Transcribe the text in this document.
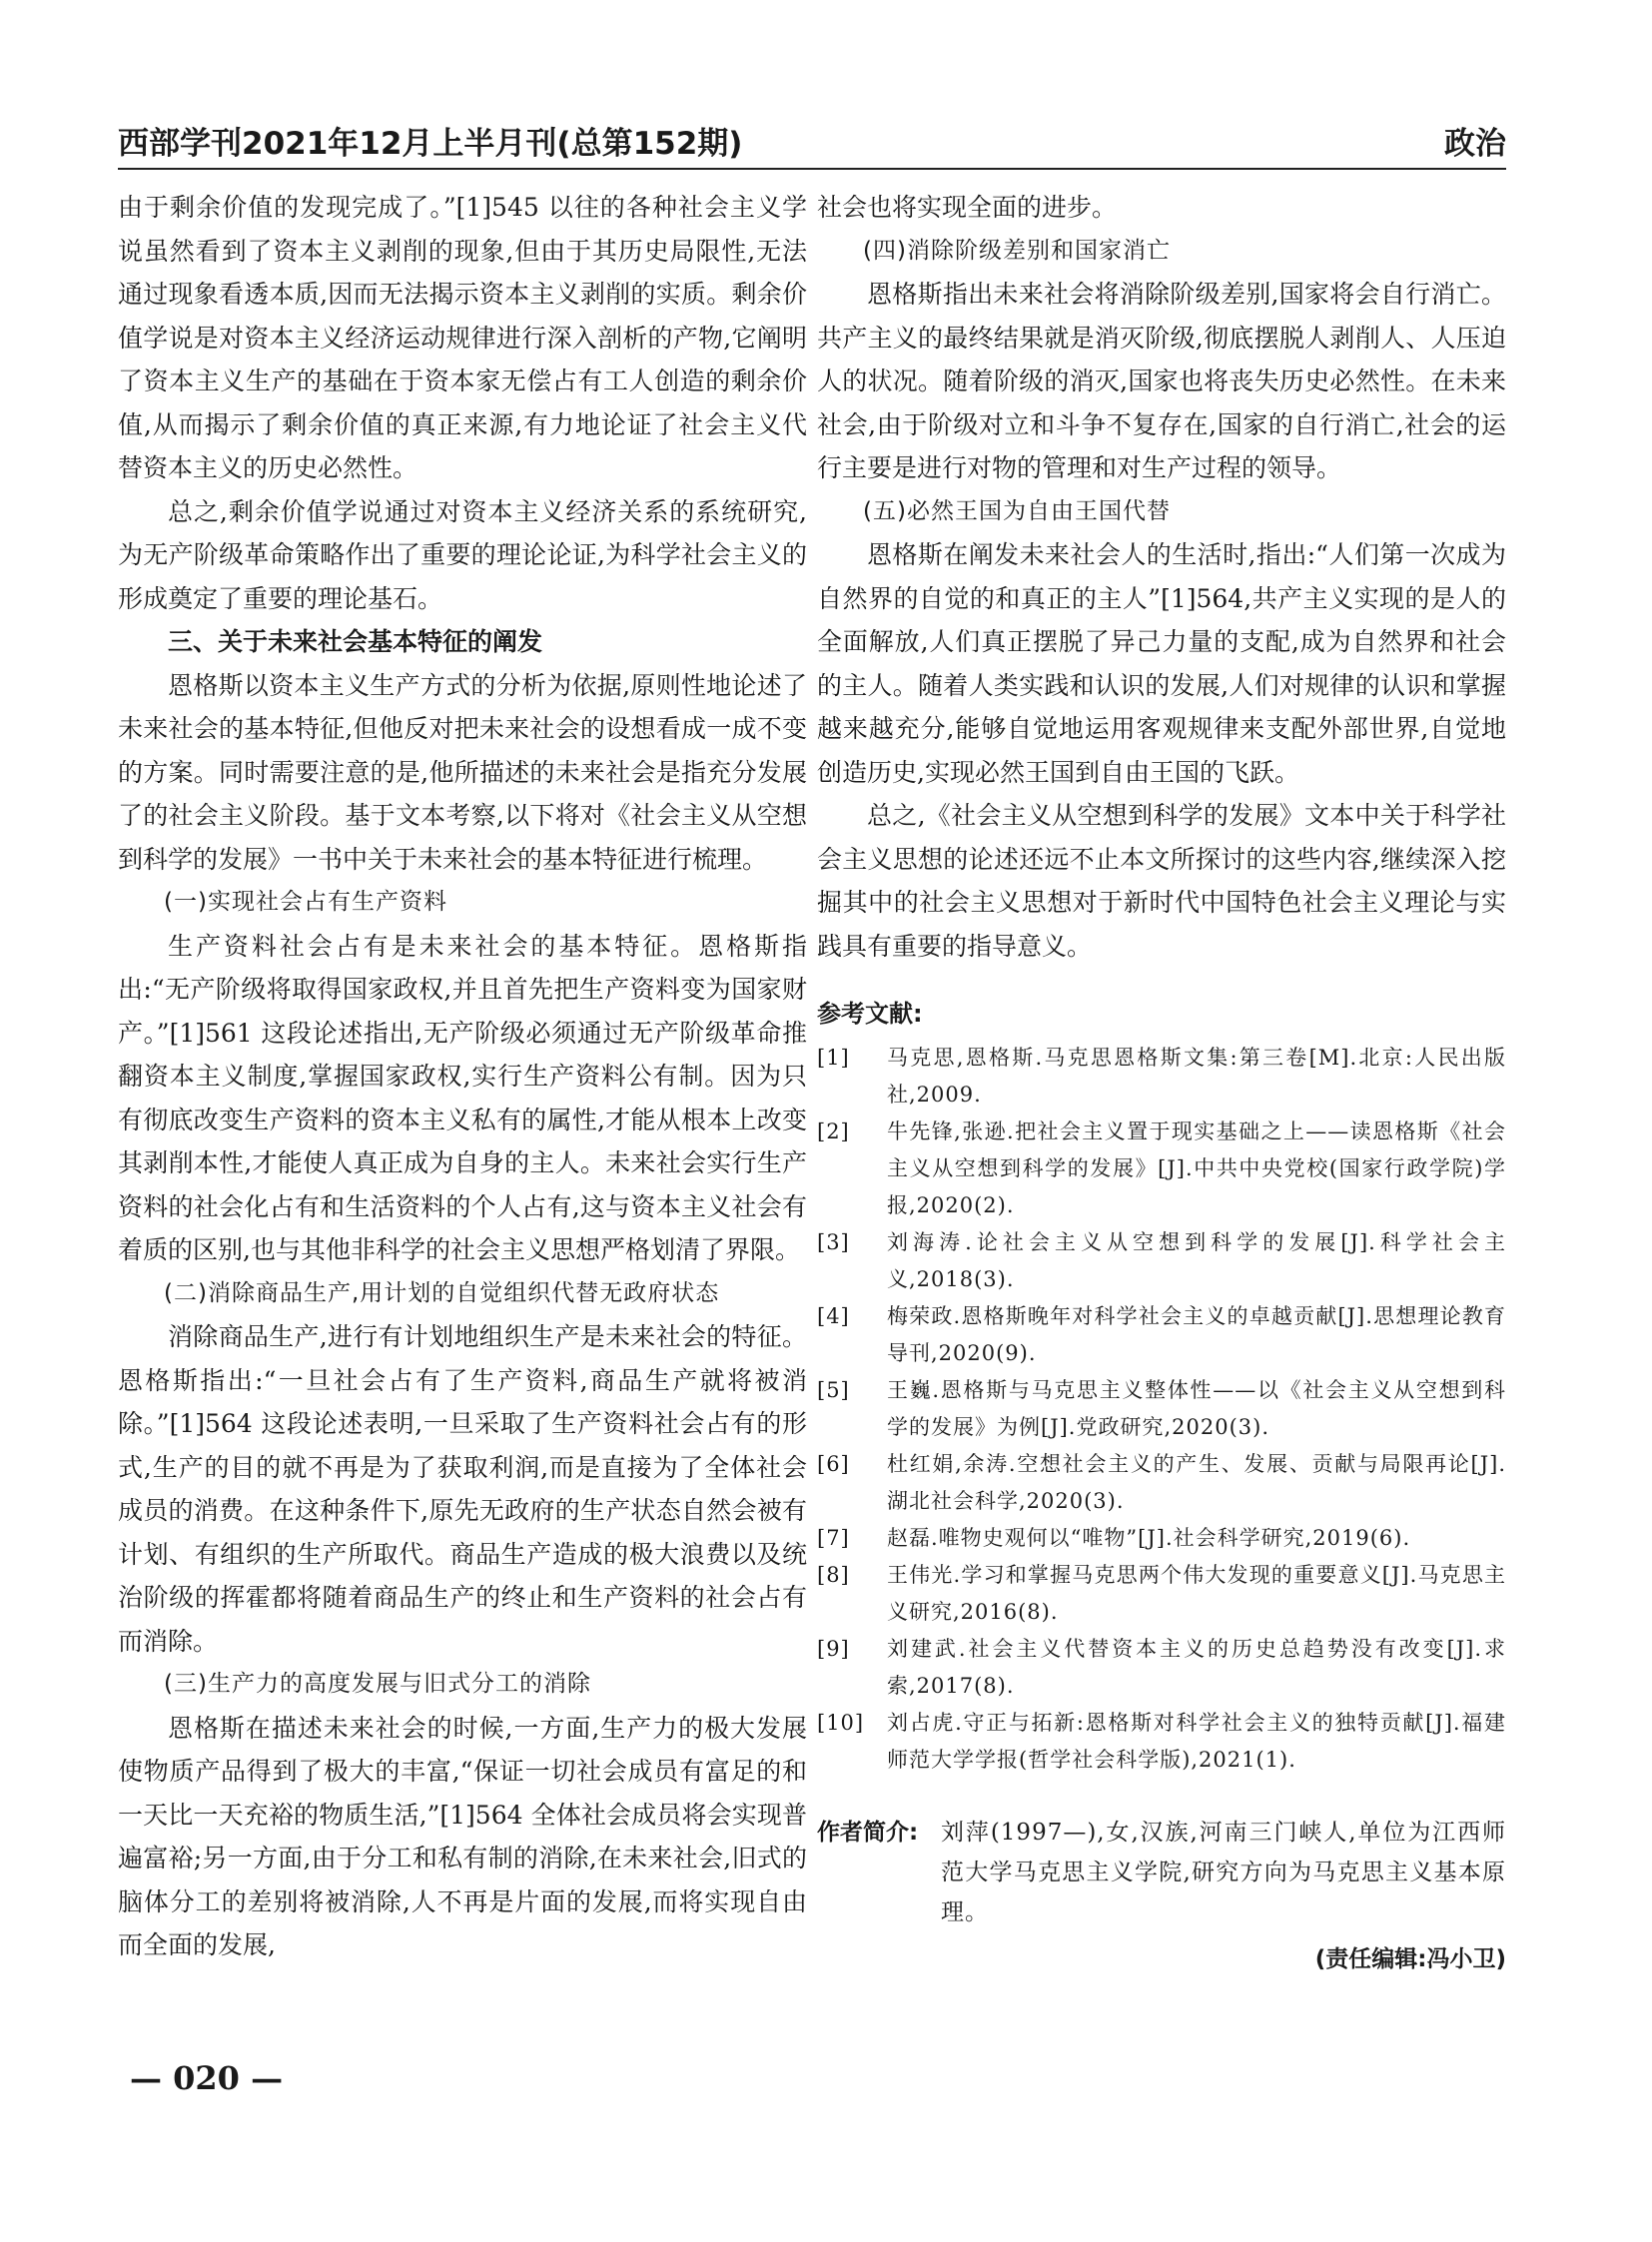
西部学刊2021年12月上半月刊(总第152期)	政治

由于剩余价值的发现完成了。”[1]545 以往的各种社会主义学说虽然看到了资本主义剥削的现象,但由于其历史局限性,无法通过现象看透本质,因而无法揭示资本主义剥削的实质。剩余价值学说是对资本主义经济运动规律进行深入剖析的产物,它阐明了资本主义生产的基础在于资本家无偿占有工人创造的剩余价值,从而揭示了剩余价值的真正来源,有力地论证了社会主义代替资本主义的历史必然性。

总之,剩余价值学说通过对资本主义经济关系的系统研究,为无产阶级革命策略作出了重要的理论论证,为科学社会主义的形成奠定了重要的理论基石。

三、关于未来社会基本特征的阐发

恩格斯以资本主义生产方式的分析为依据,原则性地论述了未来社会的基本特征,但他反对把未来社会的设想看成一成不变的方案。同时需要注意的是,他所描述的未来社会是指充分发展了的社会主义阶段。基于文本考察,以下将对《社会主义从空想到科学的发展》一书中关于未来社会的基本特征进行梳理。

(一)实现社会占有生产资料

生产资料社会占有是未来社会的基本特征。恩格斯指出:“无产阶级将取得国家政权,并且首先把生产资料变为国家财产。”[1]561 这段论述指出,无产阶级必须通过无产阶级革命推翻资本主义制度,掌握国家政权,实行生产资料公有制。因为只有彻底改变生产资料的资本主义私有的属性,才能从根本上改变其剥削本性,才能使人真正成为自身的主人。未来社会实行生产资料的社会化占有和生活资料的个人占有,这与资本主义社会有着质的区别,也与其他非科学的社会主义思想严格划清了界限。

(二)消除商品生产,用计划的自觉组织代替无政府状态

消除商品生产,进行有计划地组织生产是未来社会的特征。恩格斯指出:“一旦社会占有了生产资料,商品生产就将被消除。”[1]564 这段论述表明,一旦采取了生产资料社会占有的形式,生产的目的就不再是为了获取利润,而是直接为了全体社会成员的消费。在这种条件下,原先无政府的生产状态自然会被有计划、有组织的生产所取代。商品生产造成的极大浪费以及统治阶级的挥霍都将随着商品生产的终止和生产资料的社会占有而消除。

(三)生产力的高度发展与旧式分工的消除

恩格斯在描述未来社会的时候,一方面,生产力的极大发展使物质产品得到了极大的丰富,“保证一切社会成员有富足的和一天比一天充裕的物质生活,”[1]564 全体社会成员将会实现普遍富裕;另一方面,由于分工和私有制的消除,在未来社会,旧式的脑体分工的差别将被消除,人不再是片面的发展,而将实现自由而全面的发展,

社会也将实现全面的进步。

(四)消除阶级差别和国家消亡

恩格斯指出未来社会将消除阶级差别,国家将会自行消亡。共产主义的最终结果就是消灭阶级,彻底摆脱人剥削人、人压迫人的状况。随着阶级的消灭,国家也将丧失历史必然性。在未来社会,由于阶级对立和斗争不复存在,国家的自行消亡,社会的运行主要是进行对物的管理和对生产过程的领导。

(五)必然王国为自由王国代替

恩格斯在阐发未来社会人的生活时,指出:“人们第一次成为自然界的自觉的和真正的主人”[1]564,共产主义实现的是人的全面解放,人们真正摆脱了异己力量的支配,成为自然界和社会的主人。随着人类实践和认识的发展,人们对规律的认识和掌握越来越充分,能够自觉地运用客观规律来支配外部世界,自觉地创造历史,实现必然王国到自由王国的飞跃。

总之,《社会主义从空想到科学的发展》文本中关于科学社会主义思想的论述还远不止本文所探讨的这些内容,继续深入挖掘其中的社会主义思想对于新时代中国特色社会主义理论与实践具有重要的指导意义。

参考文献:

[1] 马克思,恩格斯.马克思恩格斯文集:第三卷[M].北京:人民出版社,2009.

[2] 牛先锋,张逊.把社会主义置于现实基础之上——读恩格斯《社会主义从空想到科学的发展》[J].中共中央党校(国家行政学院)学报,2020(2).

[3] 刘海涛.论社会主义从空想到科学的发展[J].科学社会主义,2018(3).

[4] 梅荣政.恩格斯晚年对科学社会主义的卓越贡献[J].思想理论教育导刊,2020(9).

[5] 王巍.恩格斯与马克思主义整体性——以《社会主义从空想到科学的发展》为例[J].党政研究,2020(3).

[6] 杜红娟,余涛.空想社会主义的产生、发展、贡献与局限再论[J].湖北社会科学,2020(3).

[7] 赵磊.唯物史观何以“唯物”[J].社会科学研究,2019(6).

[8] 王伟光.学习和掌握马克思两个伟大发现的重要意义[J].马克思主义研究,2016(8).

[9] 刘建武.社会主义代替资本主义的历史总趋势没有改变[J].求索,2017(8).

[10] 刘占虎.守正与拓新:恩格斯对科学社会主义的独特贡献[J].福建师范大学学报(哲学社会科学版),2021(1).

作者简介: 刘萍(1997—),女,汉族,河南三门峡人,单位为江西师范大学马克思主义学院,研究方向为马克思主义基本原理。
(责任编辑:冯小卫)
— 020 —
